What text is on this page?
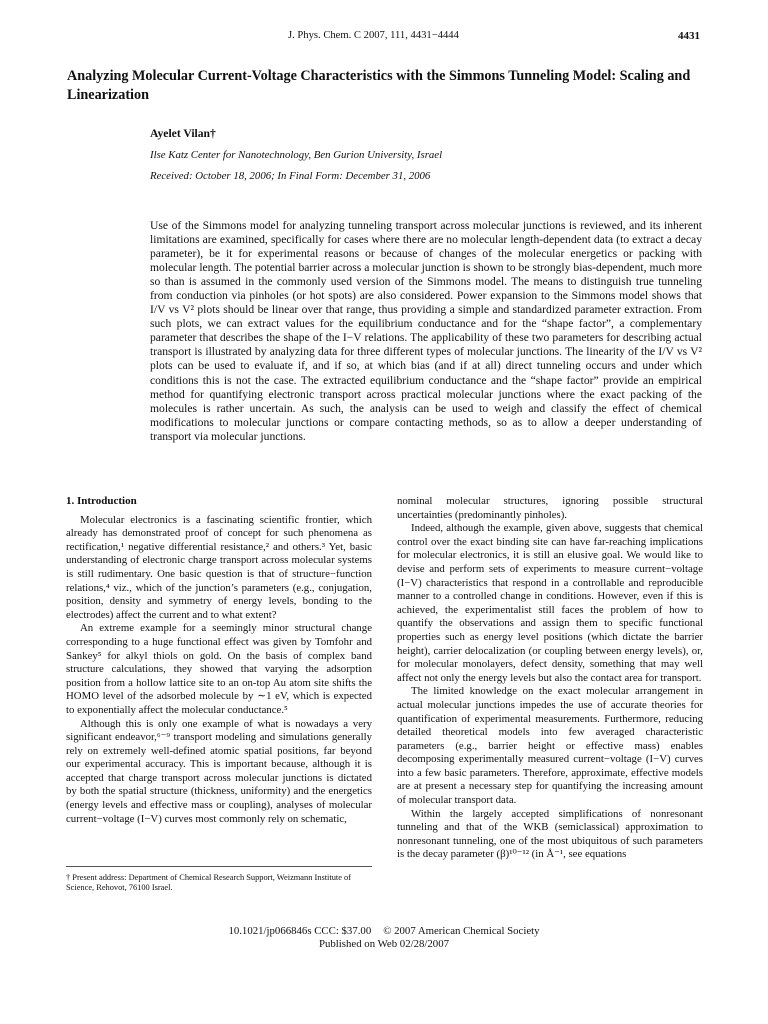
J. Phys. Chem. C 2007, 111, 4431−4444	4431
Analyzing Molecular Current-Voltage Characteristics with the Simmons Tunneling Model: Scaling and Linearization
Ayelet Vilan†
Ilse Katz Center for Nanotechnology, Ben Gurion University, Israel
Received: October 18, 2006; In Final Form: December 31, 2006

Use of the Simmons model for analyzing tunneling transport across molecular junctions is reviewed, and its inherent limitations are examined, specifically for cases where there are no molecular length-dependent data (to extract a decay parameter), be it for experimental reasons or because of changes of the molecular energetics or packing with molecular length. The potential barrier across a molecular junction is shown to be strongly bias-dependent, much more so than is assumed in the commonly used version of the Simmons model. The means to distinguish true tunneling from conduction via pinholes (or hot spots) are also considered. Power expansion to the Simmons model shows that I/V vs V² plots should be linear over that range, thus providing a simple and standardized parameter extraction. From such plots, we can extract values for the equilibrium conductance and for the “shape factor”, a complementary parameter that describes the shape of the I−V relations. The applicability of these two parameters for describing actual transport is illustrated by analyzing data for three different types of molecular junctions. The linearity of the I/V vs V² plots can be used to evaluate if, and if so, at which bias (and if at all) direct tunneling occurs and under which conditions this is not the case. The extracted equilibrium conductance and the “shape factor” provide an empirical method for quantifying electronic transport across practical molecular junctions where the exact packing of the molecules is rather uncertain. As such, the analysis can be used to weigh and classify the effect of chemical modifications to molecular junctions or compare contacting methods, so as to allow a deeper understanding of transport via molecular junctions.

1. Introduction

Molecular electronics is a fascinating scientific frontier, which already has demonstrated proof of concept for such phenomena as rectification,¹ negative differential resistance,² and others.³ Yet, basic understanding of electronic charge transport across molecular systems is still rudimentary. One basic question is that of structure−function relations,⁴ viz., which of the junction’s parameters (e.g., conjugation, position, density and symmetry of energy levels, bonding to the electrodes) affect the current and to what extent?

An extreme example for a seemingly minor structural change corresponding to a huge functional effect was given by Tomfohr and Sankey⁵ for alkyl thiols on gold. On the basis of complex band structure calculations, they showed that varying the adsorption position from a hollow lattice site to an on-top Au atom site shifts the HOMO level of the adsorbed molecule by ∼1 eV, which is expected to exponentially affect the molecular conductance.⁵

Although this is only one example of what is nowadays a very significant endeavor,⁶⁻⁹ transport modeling and simulations generally rely on extremely well-defined atomic spatial positions, far beyond our experimental accuracy. This is important because, although it is accepted that charge transport across molecular junctions is dictated by both the spatial structure (thickness, uniformity) and the energetics (energy levels and effective mass or coupling), analyses of molecular current−voltage (I−V) curves most commonly rely on schematic,

† Present address: Department of Chemical Research Support, Weizmann Institute of Science, Rehovot, 76100 Israel.

nominal molecular structures, ignoring possible structural uncertainties (predominantly pinholes).

Indeed, although the example, given above, suggests that chemical control over the exact binding site can have far-reaching implications for molecular electronics, it is still an elusive goal. We would like to devise and perform sets of experiments to measure current−voltage (I−V) characteristics that respond in a controllable and reproducible manner to a controlled change in conditions. However, even if this is achieved, the experimentalist still faces the problem of how to quantify the observations and assign them to specific functional properties such as energy level positions (which dictate the barrier height), carrier delocalization (or coupling between energy levels), or, for molecular monolayers, defect density, something that may well affect not only the energy levels but also the contact area for transport.

The limited knowledge on the exact molecular arrangement in actual molecular junctions impedes the use of accurate theories for quantification of experimental measurements. Furthermore, reducing detailed theoretical models into few averaged characteristic parameters (e.g., barrier height or effective mass) enables decomposing experimentally measured current−voltage (I−V) curves into a few basic parameters. Therefore, approximate, effective models are at present a necessary step for quantifying the increasing amount of molecular transport data.

Within the largely accepted simplifications of nonresonant tunneling and that of the WKB (semiclassical) approximation to nonresonant tunneling, one of the most ubiquitous of such parameters is the decay parameter (β)¹⁰⁻¹² (in Å⁻¹, see equations

10.1021/jp066846s CCC: $37.00 © 2007 American Chemical Society
Published on Web 02/28/2007
